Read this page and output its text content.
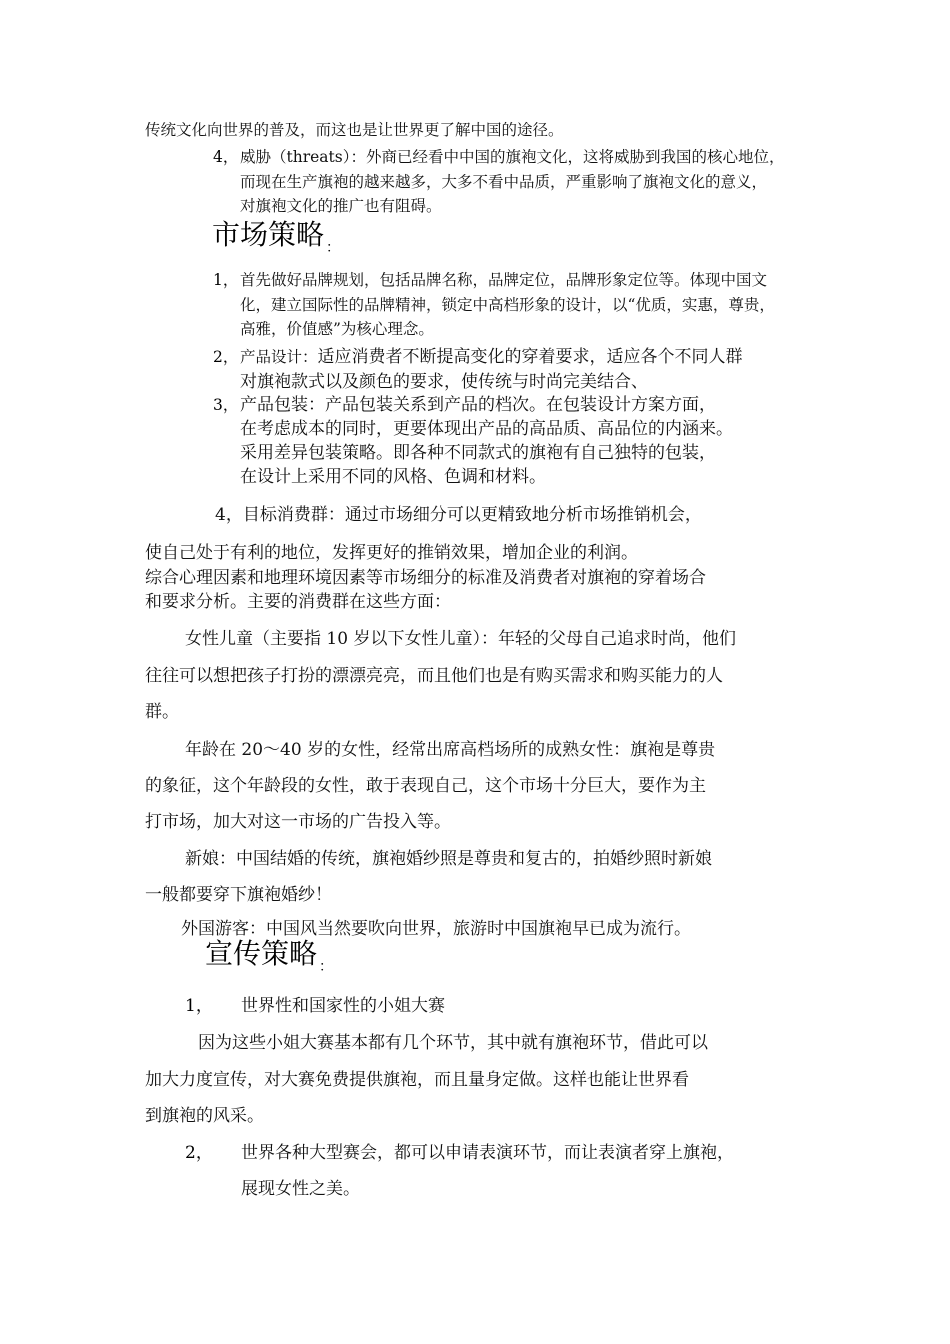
传统文化向世界的普及，而这也是让世界更了解中国的途径。

4， 威胁（threats）：外商已经看中中国的旗袍文化，这将威胁到我国的核心地位，

而现在生产旗袍的越来越多，大多不看中品质，严重影响了旗袍文化的意义，

对旗袍文化的推广也有阻碍。

市场策略 $_:$

1， 首先做好品牌规划，包括品牌名称，品牌定位，品牌形象定位等。体现中国文

化，建立国际性的品牌精神，锁定中高档形象的设计，以“优质，实惠，尊贵，

高雅，价值感”为核心理念。

2， 产品设计：适应消费者不断提高变化的穿着要求，适应各个不同人群

对旗袍款式以及颜色的要求，使传统与时尚完美结合、

3， 产品包装：产品包装关系到产品的档次。在包装设计方案方面，

在考虑成本的同时，更要体现出产品的高品质、高品位的内涵来。

采用差异包装策略。即各种不同款式的旗袍有自己独特的包装，

在设计上采用不同的风格、色调和材料。

4，目标消费群：通过市场细分可以更精致地分析市场推销机会，

使自己处于有利的地位，发挥更好的推销效果，增加企业的利润。

综合心理因素和地理环境因素等市场细分的标准及消费者对旗袍的穿着场合

和要求分析。主要的消费群在这些方面：

女性儿童（主要指 10 岁以下女性儿童）：年轻的父母自己追求时尚，他们

往往可以想把孩子打扮的漂漂亮亮，而且他们也是有购买需求和购买能力的人

群。

年龄在 20～40 岁的女性，经常出席高档场所的成熟女性：旗袍是尊贵

的象征，这个年龄段的女性，敢于表现自己，这个市场十分巨大，要作为主

打市场，加大对这一市场的广告投入等。

新娘：中国结婚的传统，旗袍婚纱照是尊贵和复古的，拍婚纱照时新娘

一般都要穿下旗袍婚纱！

外国游客：中国风当然要吹向世界，旅游时中国旗袍早已成为流行。

宣传策略 $_:$

1， 世界性和国家性的小姐大赛

因为这些小姐大赛基本都有几个环节，其中就有旗袍环节，借此可以

加大力度宣传，对大赛免费提供旗袍，而且量身定做。这样也能让世界看

到旗袍的风采。

2， 世界各种大型赛会，都可以申请表演环节，而让表演者穿上旗袍，

展现女性之美。
